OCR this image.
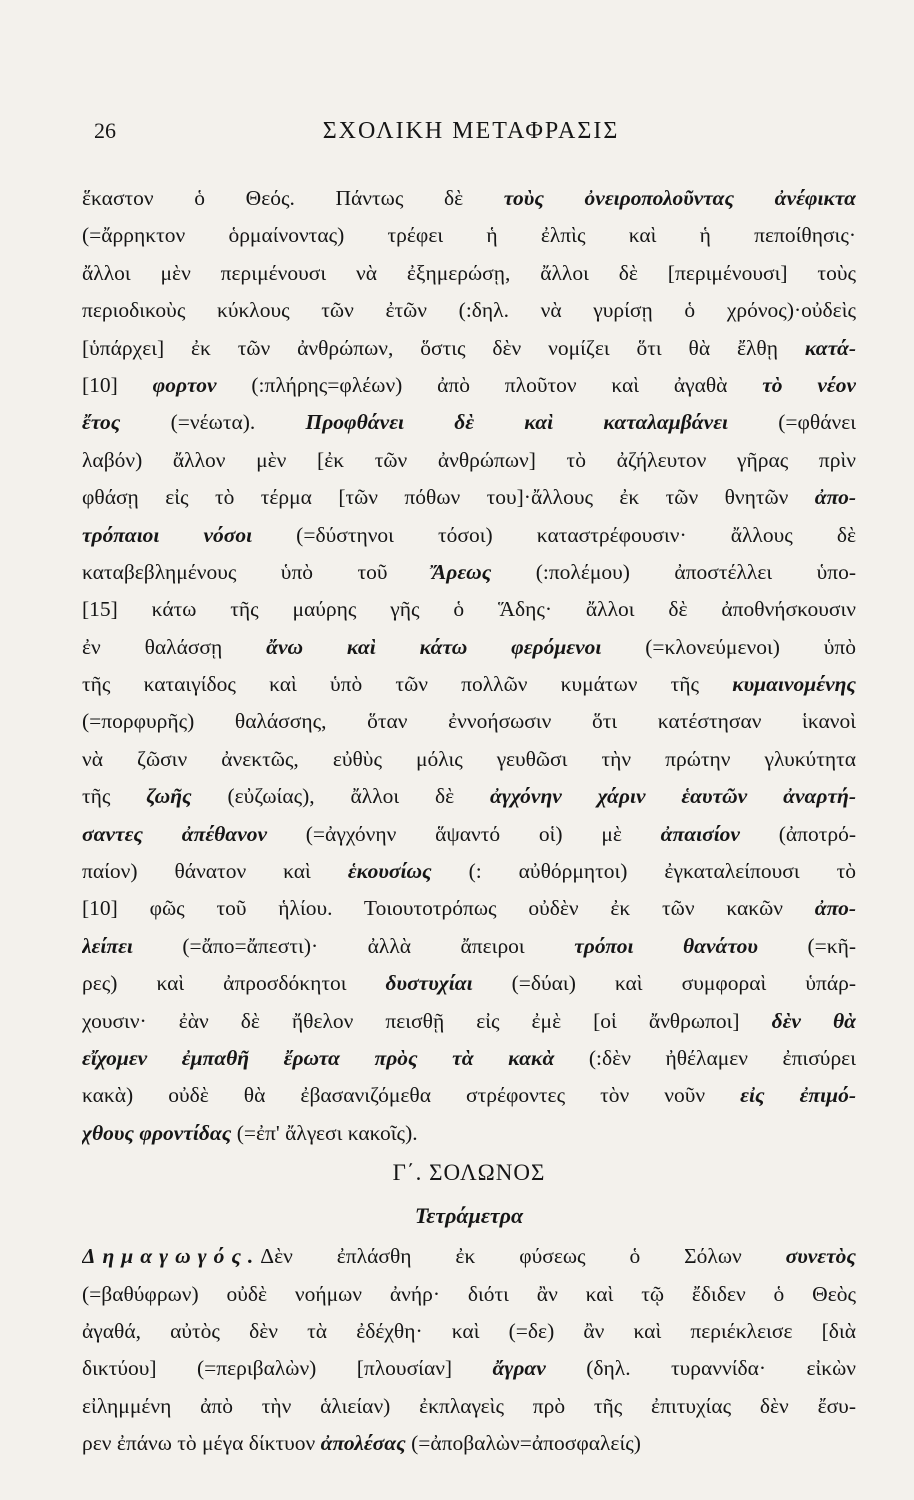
26	ΣΧΟΛΙΚΗ ΜΕΤΑΦΡΑΣΙΣ
ἕκαστον ὁ Θεός. Πάντως δὲ τοὺς ὀνειροπολοῦντας ἀνέφικτα
(=ἄρρηκτον ὁρμαίνοντας) τρέφει ἡ ἐλπὶς καὶ ἡ πεποίθησις·
ἄλλοι μὲν περιμένουσι νὰ ἐξημερώσῃ, ἄλλοι δὲ [περιμένουσι] τοὺς
περιοδικοὺς κύκλους τῶν ἐτῶν (:δηλ. νὰ γυρίσῃ ὁ χρόνος)·οὐδεὶς
[ὑπάρχει] ἐκ τῶν ἀνθρώπων, ὅστις δὲν νομίζει ὅτι θὰ ἔλθῃ κατά-
[10] φορτον (:πλήρης=φλέων) ἀπὸ πλοῦτον καὶ ἀγαθὰ τὸ νέον
ἔτος (=νέωτα). Προφθάνει δὲ καὶ καταλαμβάνει (=φθάνει
λαβόν) ἄλλον μὲν [ἐκ τῶν ἀνθρώπων] τὸ ἀζήλευτον γῆρας πρὶν
φθάσῃ εἰς τὸ τέρμα [τῶν πόθων του]·ἄλλους ἐκ τῶν θνητῶν ἀπο-
τρόπαιοι νόσοι (=δύστηνοι τόσοι) καταστρέφουσιν· ἄλλους δὲ
καταβεβλημένους ὑπὸ τοῦ Ἄρεως (:πολέμου) ἀποστέλλει ὑπο-
[15] κάτω τῆς μαύρης γῆς ὁ Ἅδης· ἄλλοι δὲ ἀποθνήσκουσιν
ἐν θαλάσσῃ ἄνω καὶ κάτω φερόμενοι (=κλονεύμενοι) ὑπὸ
τῆς καταιγίδος καὶ ὑπὸ τῶν πολλῶν κυμάτων τῆς κυμαινομένης
(=πορφυρῆς) θαλάσσης, ὅταν ἐννοήσωσιν ὅτι κατέστησαν ἱκανοὶ
νὰ ζῶσιν ἀνεκτῶς, εὐθὺς μόλις γευθῶσι τὴν πρώτην γλυκύτητα
τῆς ζωῆς (εὐζωίας), ἄλλοι δὲ ἀγχόνην χάριν ἑαυτῶν ἀναρτή-
σαντες ἀπέθανον (=ἀγχόνην ἅψαντό οἱ) μὲ ἀπαισίον (ἀποτρό-
παίον) θάνατον καὶ ἑκουσίως (: αὐθόρμητοι) ἐγκαταλείπουσι τὸ
[10] φῶς τοῦ ἡλίου. Τοιουτοτρόπως οὐδὲν ἐκ τῶν κακῶν ἀπο-
λείπει (=ἄπο=ἄπεστι)· ἀλλὰ ἄπειροι τρόποι θανάτου (=κῆ-
ρες) καὶ ἀπροσδόκητοι δυστυχίαι (=δύαι) καὶ συμφοραὶ ὑπάρ-
χουσιν· ἐὰν δὲ ἤθελον πεισθῇ εἰς ἐμὲ [οἱ ἄνθρωποι] δὲν θὰ
εἴχομεν ἐμπαθῆ ἔρωτα πρὸς τὰ κακὰ (:δὲν ἠθέλαμεν ἐπισύρει
κακὰ) οὐδὲ θὰ ἐβασανιζόμεθα στρέφοντες τὸν νοῦν εἰς ἐπιμό-
χθους φροντίδας (=ἐπ' ἄλγεσι κακοῖς).
Γ΄. ΣΟΛΩΝΟΣ
Τετράμετρα
Δημαγωγός.Δὲν ἐπλάσθη ἐκ φύσεως ὁ Σόλων συνετὸς
(=βαθύφρων) οὐδὲ νοήμων ἀνήρ· διότι ἂν καὶ τῷ ἔδιδεν ὁ Θεὸς
ἀγαθά, αὐτὸς δὲν τὰ ἐδέχθη· καὶ (=δε) ἂν καὶ περιέκλεισε [διὰ
δικτύου] (=περιβαλὼν) [πλουσίαν] ἄγραν (δηλ. τυραννίδα· εἰκὼν
εἰλημμένη ἀπὸ τὴν ἁλιείαν) ἐκπλαγεὶς πρὸ τῆς ἐπιτυχίας δὲν ἔσυ-
ρεν ἐπάνω τὸ μέγα δίκτυον ἀπολέσας (=ἀποβαλὼν=ἀποσφαλείς)
